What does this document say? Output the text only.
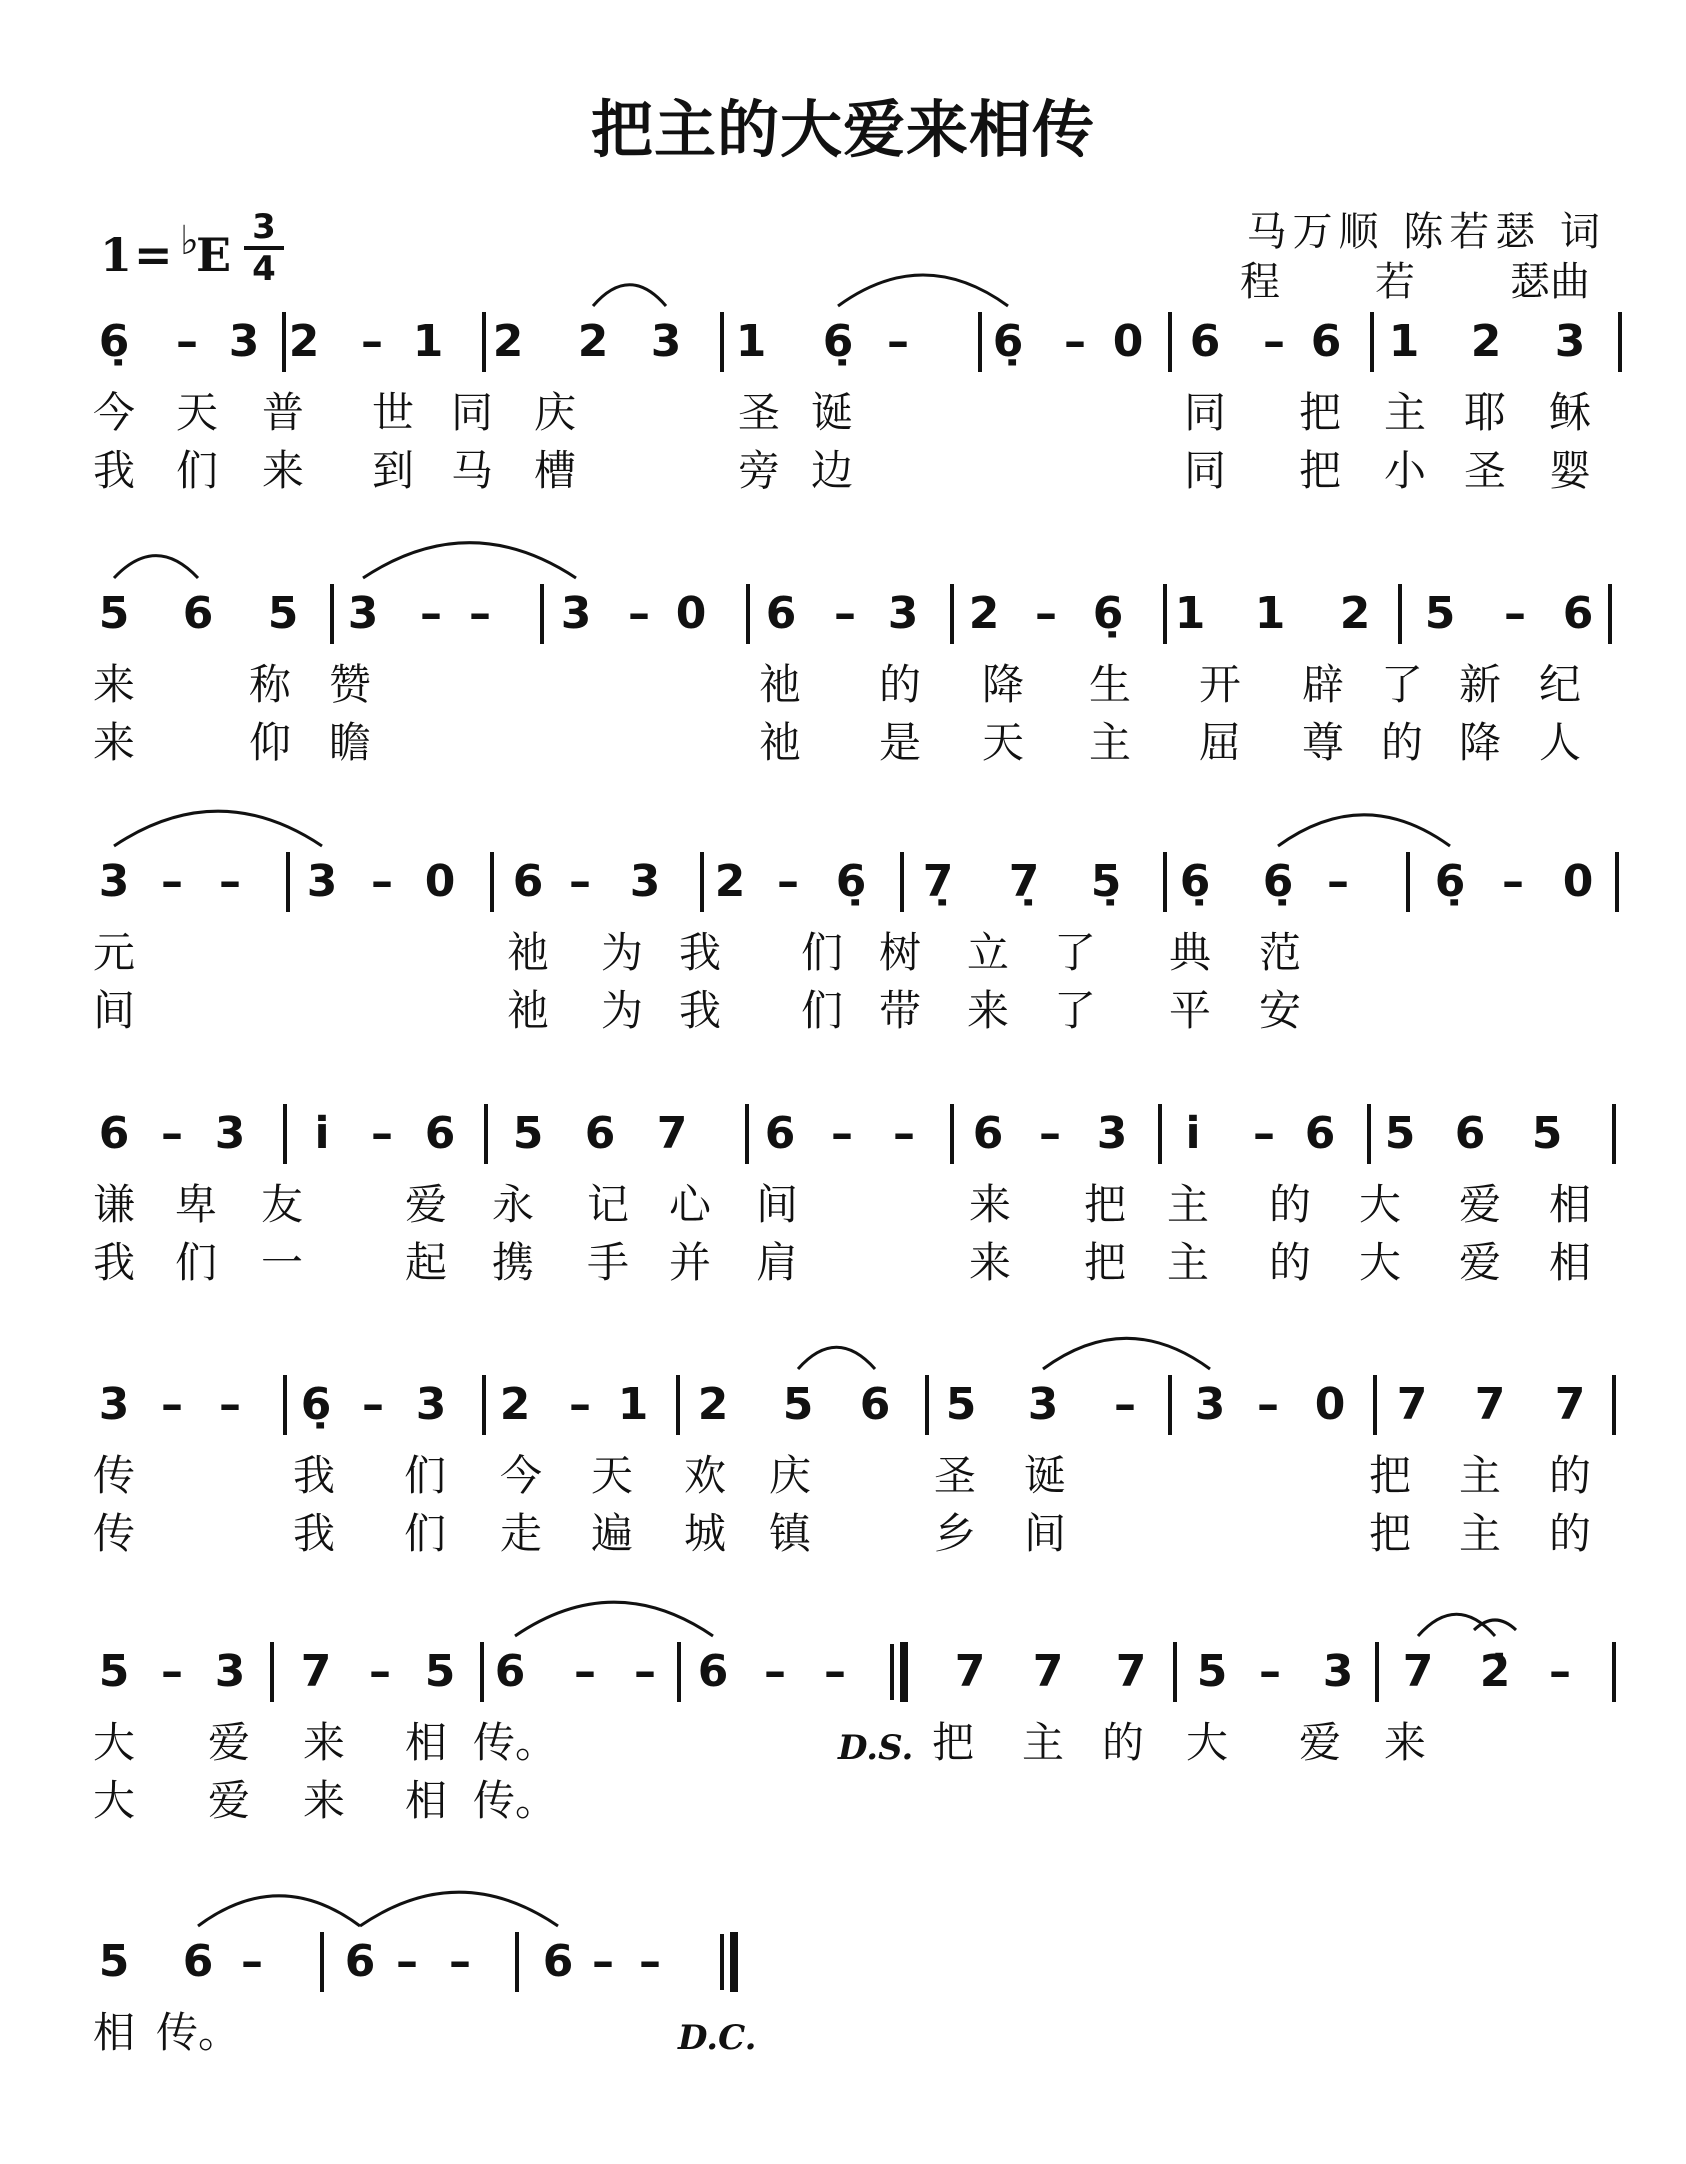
把主的大爱来相传
1= ♭
E
3
4
马万顺 陈若瑟 词
程 若 瑟曲
6̣ – 3 2 – 1 2 2 3 1 6̣ – 6̣ – 0 6 – 6 1 2 3
今 天 普 世 同 庆	圣 诞	同 把 主 耶 稣
我 们 来 到 马 槽	旁 边	同 把 小 圣 婴
5 6 5 3 – – 3 – 0 6 – 3 2 – 6̣ 1 1 2 5 – 6
来	称 赞	祂 的 降 生 开 辟 了 新 纪
来	仰 瞻	祂 是 天 主 屈 尊 的 降 人
3 – – 3 – 0 6 – 3 2 – 6̣ 7̣ 7̣ 5̣ 6̣ 6̣ – 6̣ – 0
元	祂 为 我 们 树 立 了 典 范
间	祂 为 我 们 带 来 了 平 安
6 – 3 i̇ – 6 5 6 7 6 – – 6 – 3 i̇ – 6 5 6 5
谦 卑 友 爱 永 记 心 间	来 把 主 的 大 爱 相
我 们 一 起 携 手 并 肩	来 把 主 的 大 爱 相
3 – – 6̣ – 3 2 – 1 2 5 6 5 3 – 3 – 0 7 7 7
传	我 们 今 天 欢 庆	圣 诞	把 主 的
传	我 们 走 遍 城 镇	乡 间	把 主 的
5 – 3 7 – 5 6 – – 6 – – 7 7 7 5 – 3 7 2̇ –
大 爱 来 相 传。	把 主 的 大 爱 来
大 爱 来 相 传。
D.S.
5 6 – 6 – – 6 – –
相 传。	D.C.
